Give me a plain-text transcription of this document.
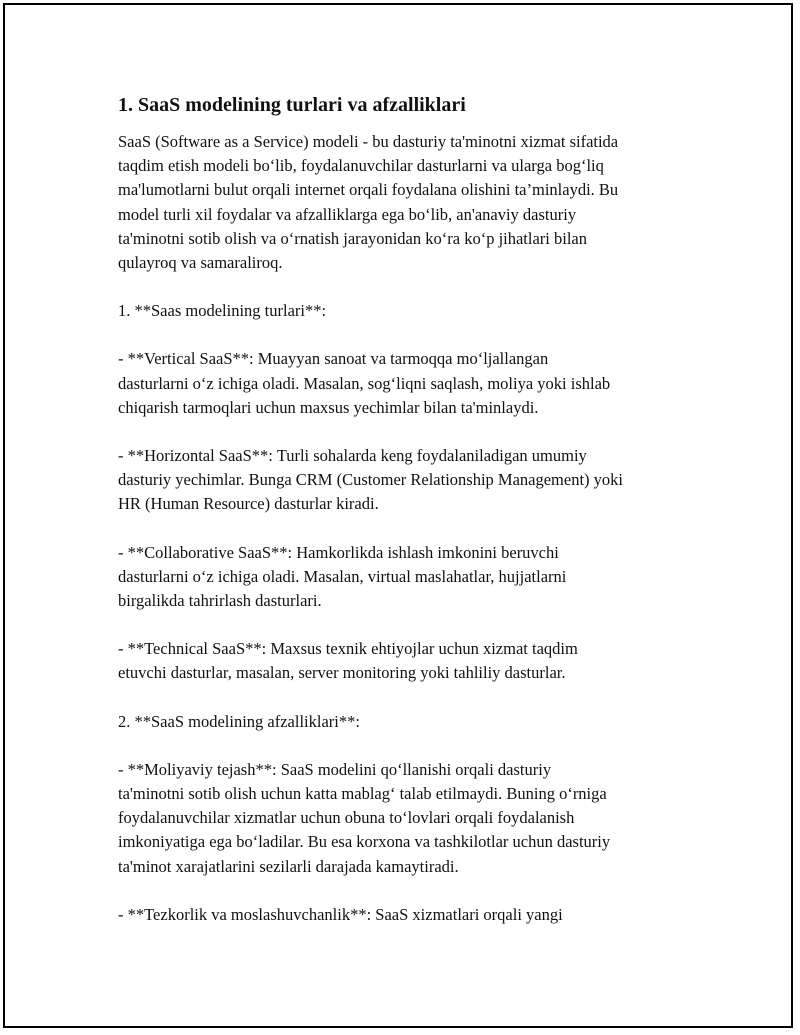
1. SaaS modelining turlari va afzalliklari

SaaS (Software as a Service) modeli - bu dasturiy ta'minotni xizmat sifatida
taqdim etish modeli bo‘lib, foydalanuvchilar dasturlarni va ularga bog‘liq
ma'lumotlarni bulut orqali internet orqali foydalana olishini ta’minlaydi. Bu
model turli xil foydalar va afzalliklarga ega bo‘lib, an'anaviy dasturiy
ta'minotni sotib olish va o‘rnatish jarayonidan ko‘ra ko‘p jihatlari bilan
qulayroq va samaraliroq.

1. **Saas modelining turlari**:

- **Vertical SaaS**: Muayyan sanoat va tarmoqqa mo‘ljallangan
dasturlarni o‘z ichiga oladi. Masalan, sog‘liqni saqlash, moliya yoki ishlab
chiqarish tarmoqlari uchun maxsus yechimlar bilan ta'minlaydi.

- **Horizontal SaaS**: Turli sohalarda keng foydalaniladigan umumiy
dasturiy yechimlar. Bunga CRM (Customer Relationship Management) yoki
HR (Human Resource) dasturlar kiradi.

- **Collaborative SaaS**: Hamkorlikda ishlash imkonini beruvchi
dasturlarni o‘z ichiga oladi. Masalan, virtual maslahatlar, hujjatlarni
birgalikda tahrirlash dasturlari.

- **Technical SaaS**: Maxsus texnik ehtiyojlar uchun xizmat taqdim
etuvchi dasturlar, masalan, server monitoring yoki tahliliy dasturlar.

2. **SaaS modelining afzalliklari**:

- **Moliyaviy tejash**: SaaS modelini qo‘llanishi orqali dasturiy
ta'minotni sotib olish uchun katta mablag‘ talab etilmaydi. Buning o‘rniga
foydalanuvchilar xizmatlar uchun obuna to‘lovlari orqali foydalanish
imkoniyatiga ega bo‘ladilar. Bu esa korxona va tashkilotlar uchun dasturiy
ta'minot xarajatlarini sezilarli darajada kamaytiradi.

- **Tezkorlik va moslashuvchanlik**: SaaS xizmatlari orqali yangi
